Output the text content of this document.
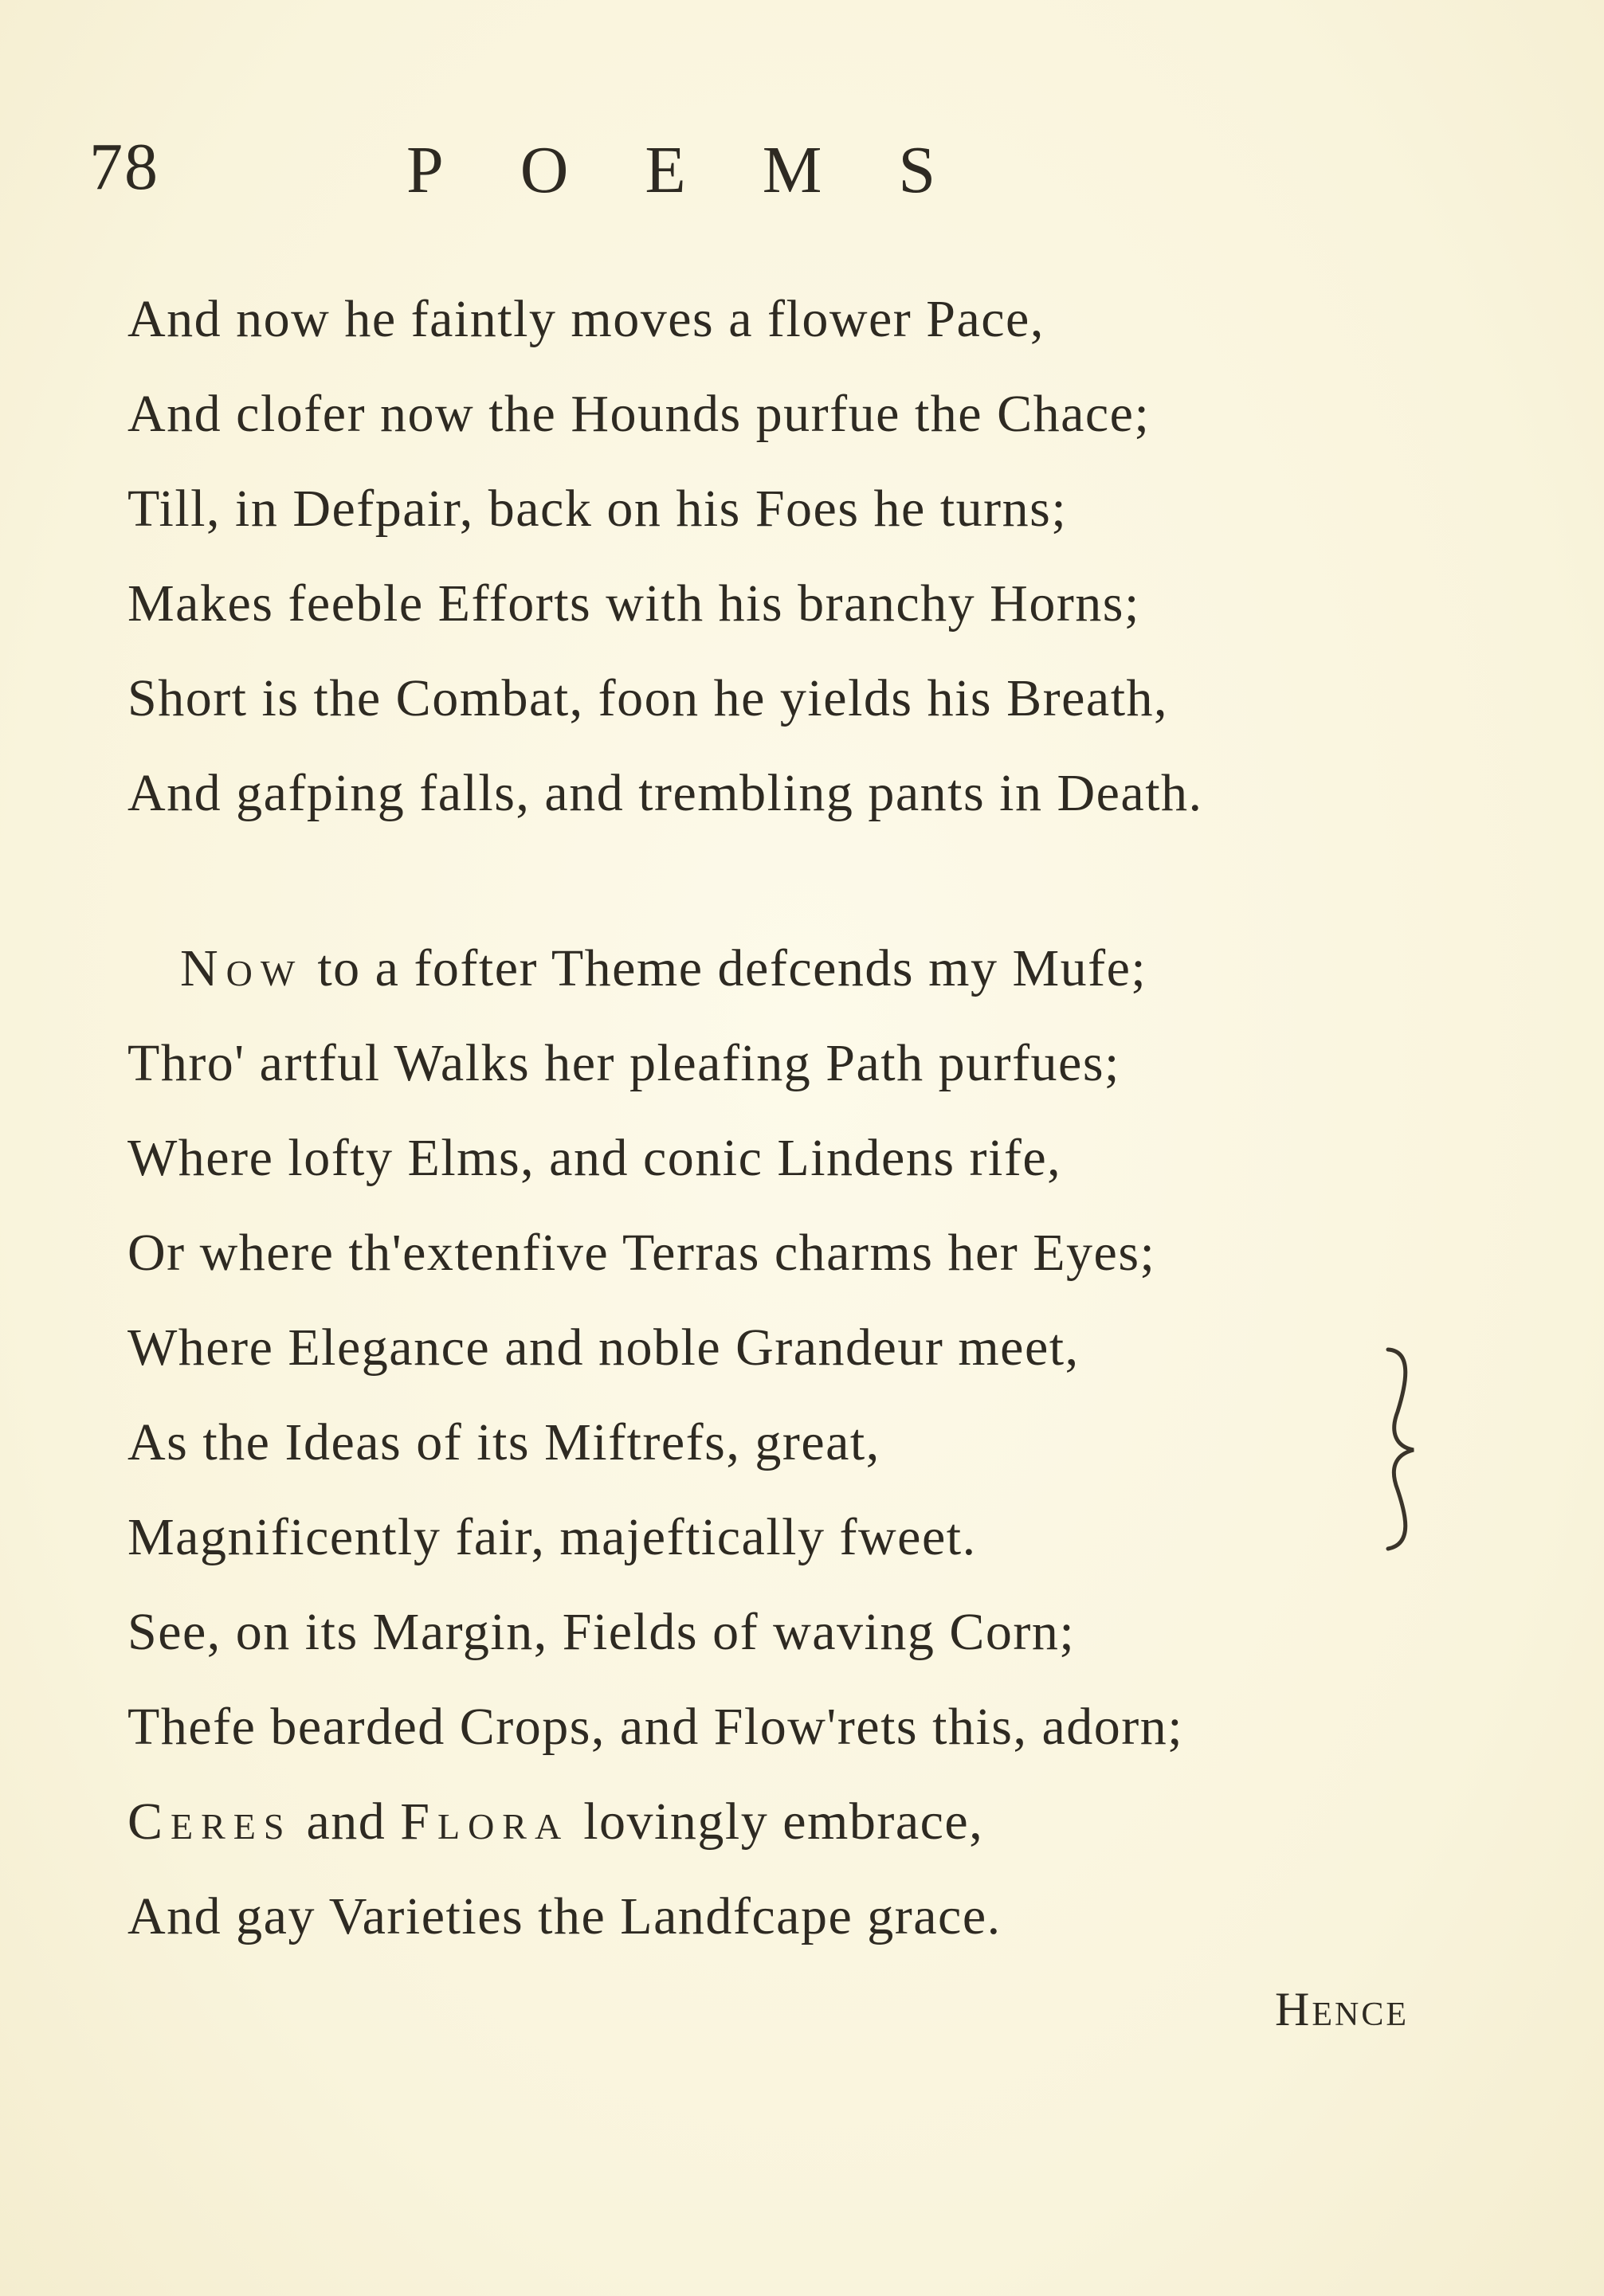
78	POEMS
And now he faintly moves a flower Pace,
And clofer now the Hounds purfue the Chace;
Till, in Defpair, back on his Foes he turns;
Makes feeble Efforts with his branchy Horns;
Short is the Combat, foon he yields his Breath,
And gafping falls, and trembling pants in Death.
Now to a fofter Theme defcends my Mufe;
Thro' artful Walks her pleafing Path purfues;
Where lofty Elms, and conic Lindens rife,
Or where th'extenfive Terras charms her Eyes;
Where Elegance and noble Grandeur meet,
As the Ideas of its Miftrefs, great,
Magnificently fair, majeftically fweet.
See, on its Margin, Fields of waving Corn;
Thefe bearded Crops, and Flow'rets this, adorn;
Ceres and Flora lovingly embrace,
And gay Varieties the Landfcape grace.
Hence
